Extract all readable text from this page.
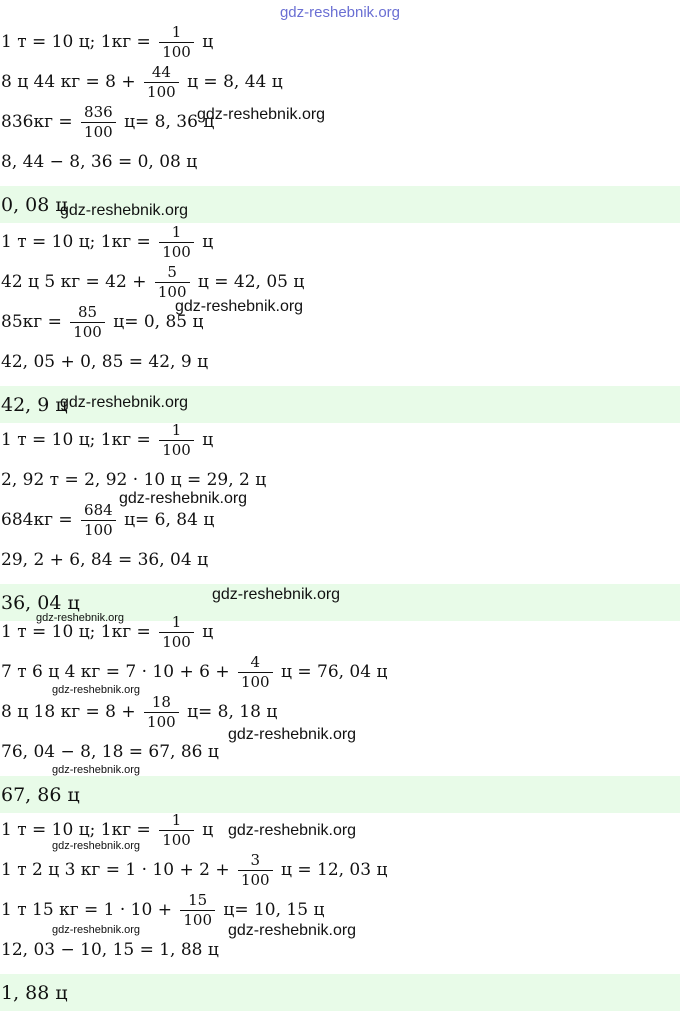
gdz-reshebnik.org
1 т = 10 ц; $1кг = \frac{1}{100}$ ц
8 ц 44 кг = $8 + \frac{44}{100}$ ц = 8, 44 ц
$836кг = \frac{836}{100} ц= 8$, 36 ц
8, 44 − 8, 36 = 0, 08 ц
0, 08 ц
1 т = 10 ц; $1кг = \frac{1}{100}$ ц
42 ц 5 кг = $42 + \frac{5}{100}$ ц = 42, 05 ц
$85кг = \frac{85}{100} ц= 0$, 85 ц
42, 05 + 0, 85 = 42, 9 ц
42, 9 ц
1 т = 10 ц; $1кг = \frac{1}{100}$ ц
2, 92 т = 2, 92 · 10 ц = 29, 2 ц
$684кг = \frac{684}{100} ц= 6$, 84 ц
29, 2 + 6, 84 = 36, 04 ц
36, 04 ц
1 т = 10 ц; $1кг = \frac{1}{100}$ ц
7 т 6 ц 4 кг = $7 \cdot 10 + 6 + \frac{4}{100}$ ц = 76, 04 ц
8 ц 18 кг = $8 + \frac{18}{100} ц= 8$, 18 ц
76, 04 − 8, 18 = 67, 86 ц
67, 86 ц
1 т = 10 ц; $1кг = \frac{1}{100}$ ц
1 т 2 ц 3 кг = $1 \cdot 10 + 2 + \frac{3}{100}$ ц = 12, 03 ц
1 т 15 кг = $1 \cdot 10 + \frac{15}{100} ц= 10$, 15 ц
12, 03 − 10, 15 = 1, 88 ц
1, 88 ц
gdz-reshebnik.org
gdz-reshebnik.org
gdz-reshebnik.org
gdz-reshebnik.org
gdz-reshebnik.org
gdz-reshebnik.org
gdz-reshebnik.org
gdz-reshebnik.org
gdz-reshebnik.org
gdz-reshebnik.org
gdz-reshebnik.org
gdz-reshebnik.org
gdz-reshebnik.org	gdz-reshebnik.org
